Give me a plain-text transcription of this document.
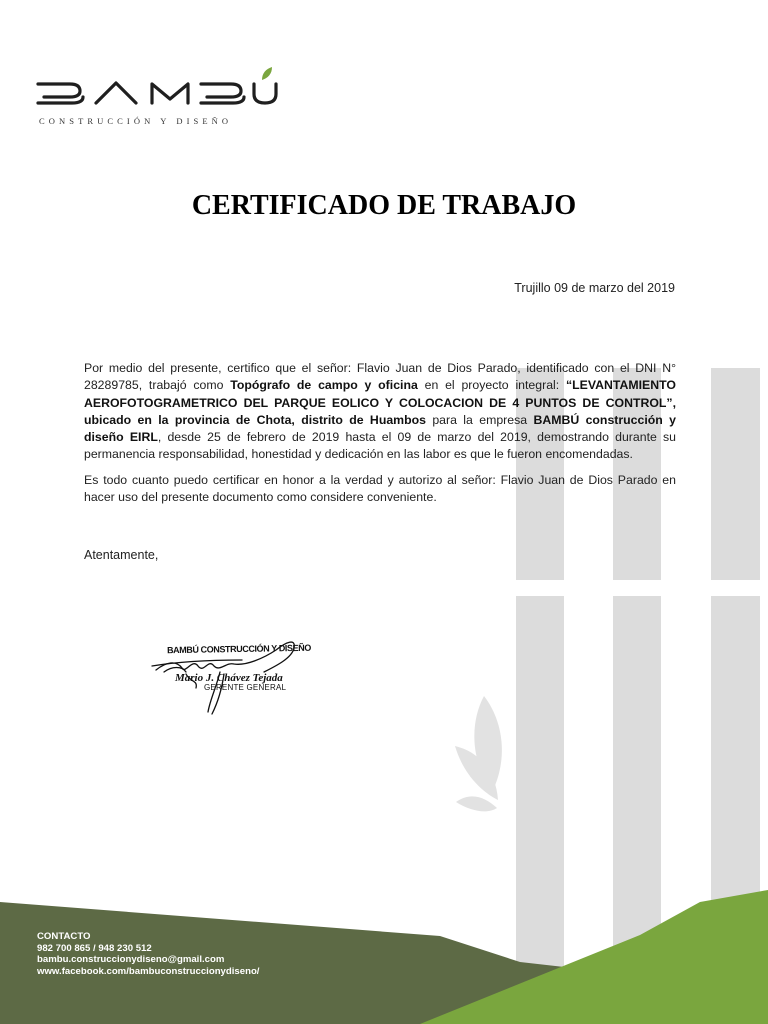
CONSTRUCCIÓN Y DISEÑO
CERTIFICADO DE TRABAJO
Trujillo 09 de marzo del 2019

Por medio del presente, certifico que el señor: Flavio Juan de Dios Parado, identificado con el DNI N° 28289785, trabajó como Topógrafo de campo y oficina en el proyecto integral: “LEVANTAMIENTO AEROFOTOGRAMETRICO DEL PARQUE EOLICO Y COLOCACION DE 4 PUNTOS DE CONTROL”, ubicado en la provincia de Chota, distrito de Huambos para la empresa BAMBÚ construcción y diseño EIRL, desde 25 de febrero de 2019 hasta el 09 de marzo del 2019, demostrando durante su permanencia responsabilidad, honestidad y dedicación en las labor es que le fueron encomendadas.

Es todo cuanto puedo certificar en honor a la verdad y autorizo al señor: Flavio Juan de Dios Parado en hacer uso del presente documento como considere conveniente.

Atentamente,
BAMBÚ CONSTRUCCIÓN Y DISEÑO
Mario J. Chávez Tejada
GERENTE GENERAL
CONTACTO
982 700 865 / 948 230 512
bambu.construccionydiseno@gmail.com
www.facebook.com/bambuconstruccionydiseno/
